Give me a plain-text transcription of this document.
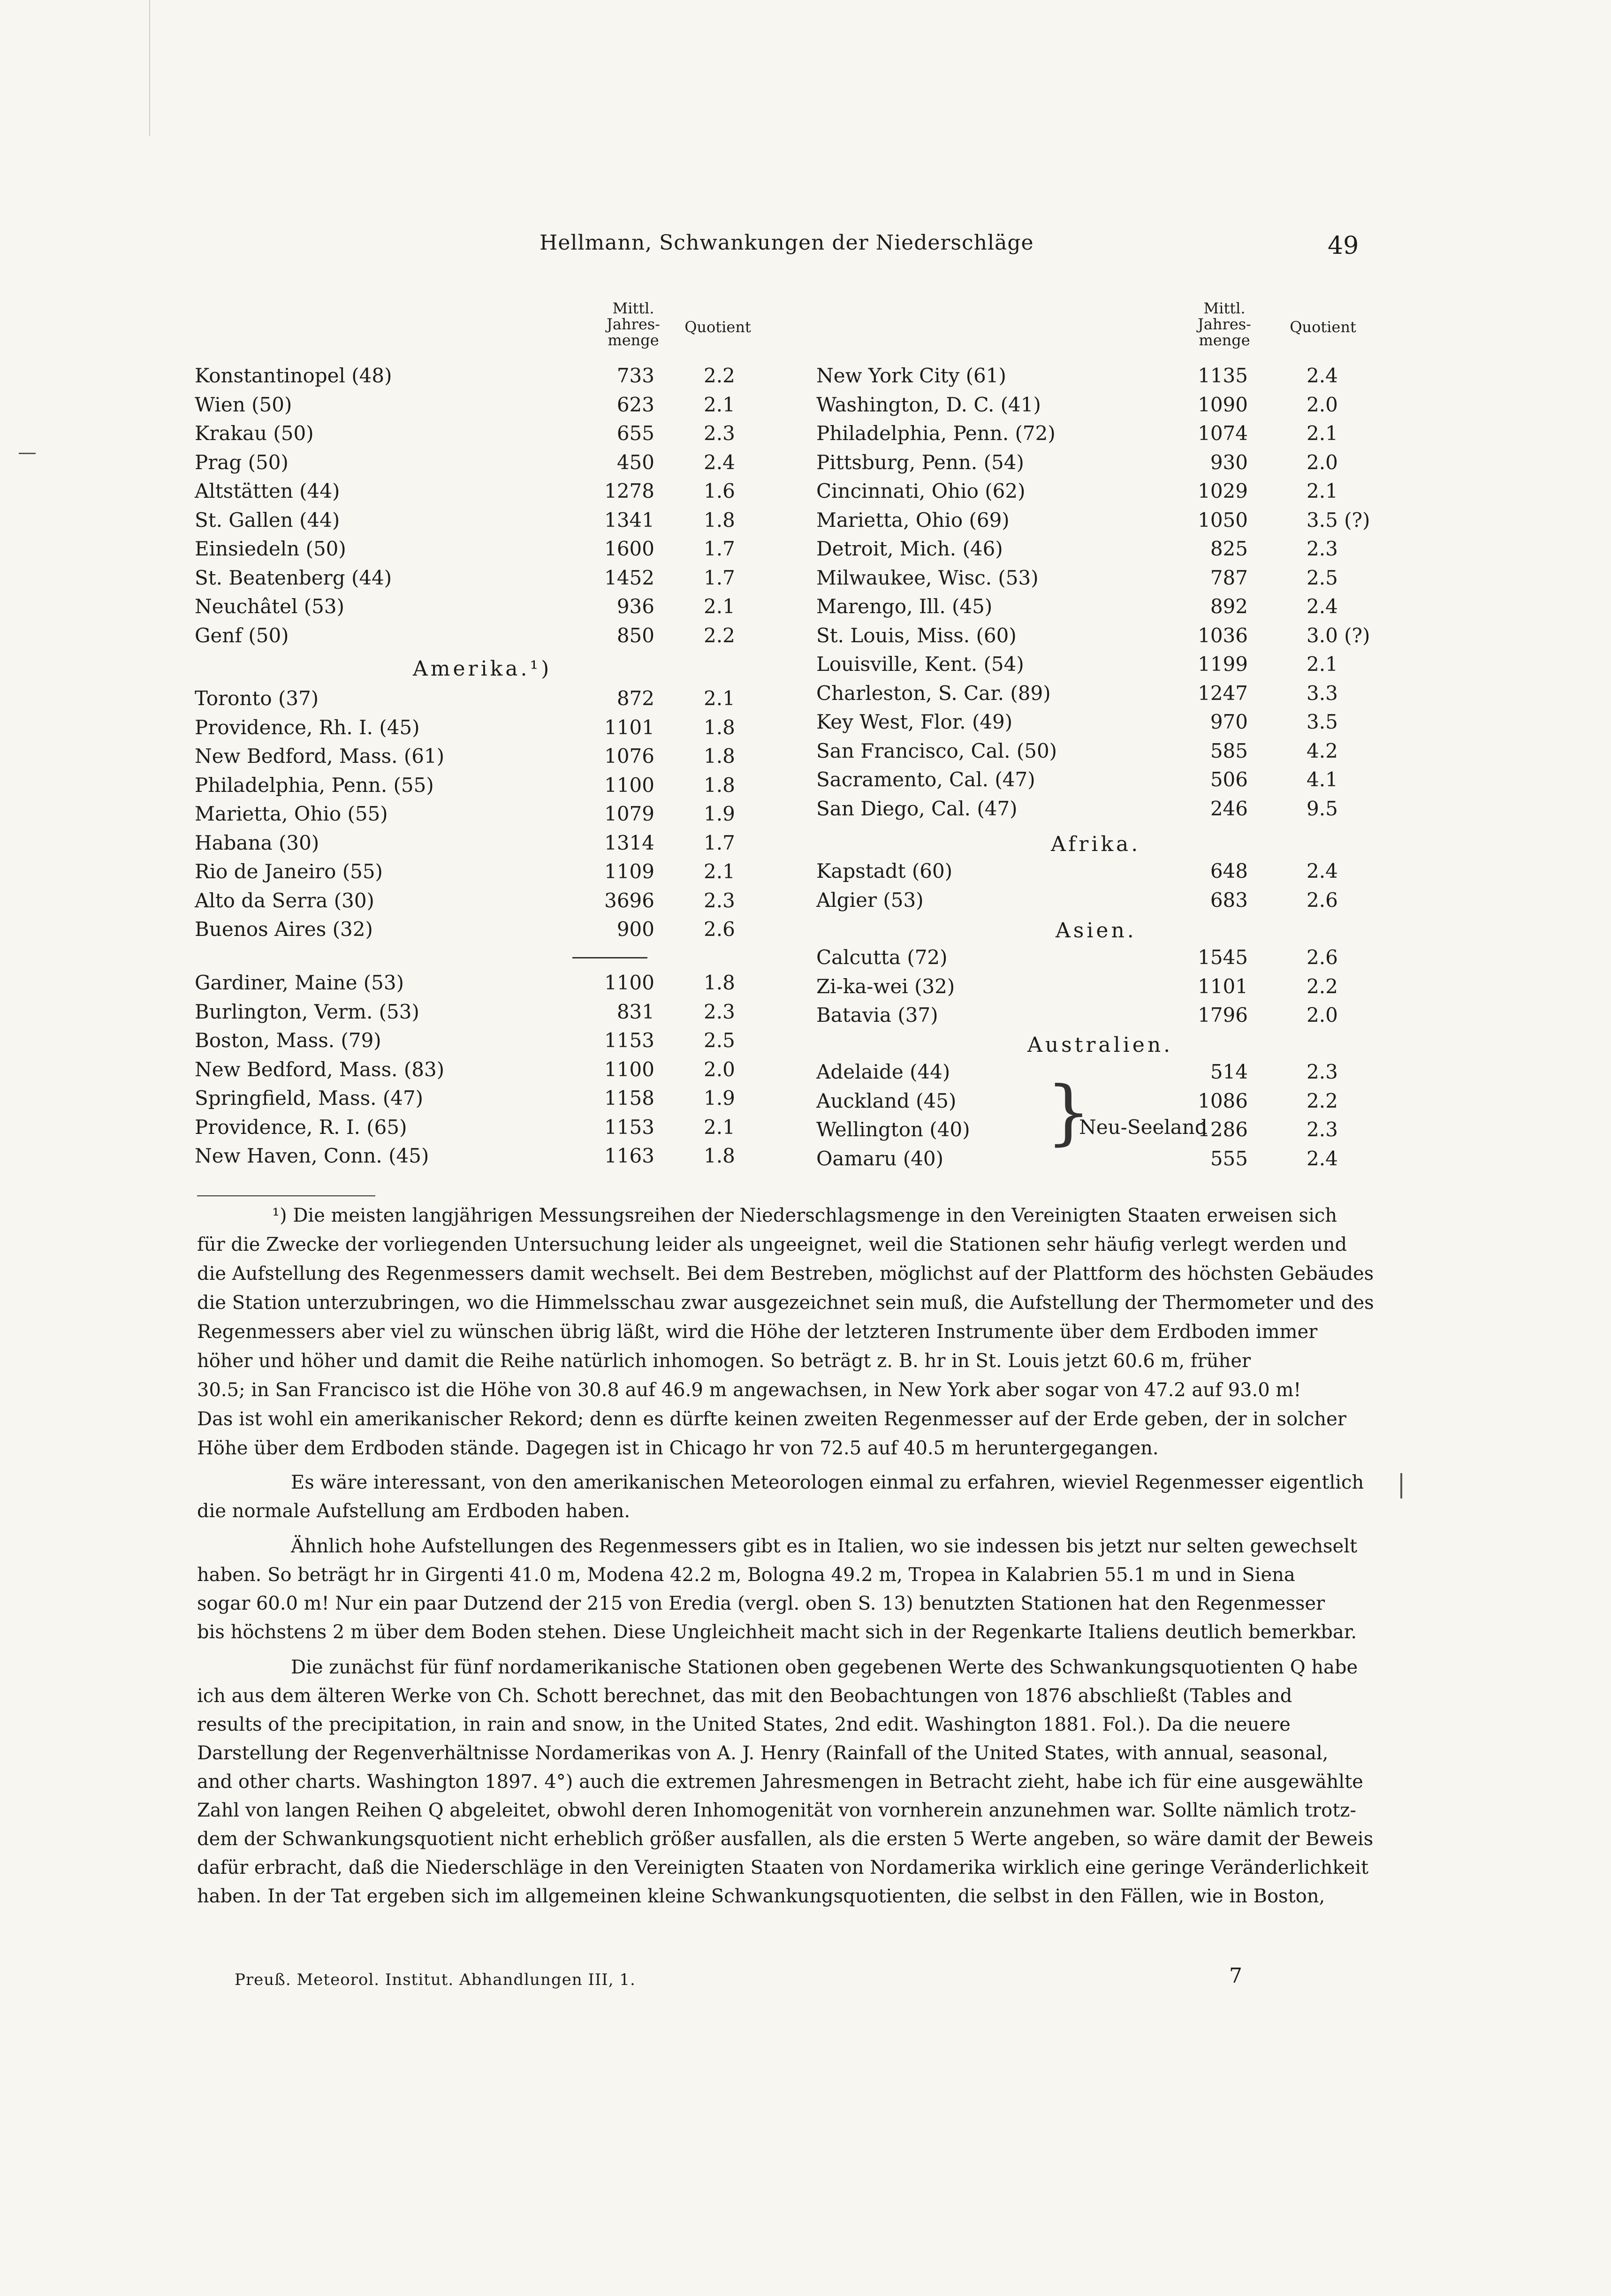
Hellmann, Schwankungen der Niederschläge	49
Mittl. Jahres- menge
Quotient
Mittl. Jahres- menge
Quotient
Konstantinopel (48)	733	2.2
Wien (50)	623	2.1
Krakau (50)	655	2.3
Prag (50)	450	2.4
Altstätten (44)	1278	1.6
St. Gallen (44)	1341	1.8
Einsiedeln (50)	1600	1.7
St. Beatenberg (44)	1452	1.7
Neuchâtel (53)	936	2.1
Genf (50)	850	2.2
Toronto (37)	872	2.1
Providence, Rh. I. (45)	1101	1.8
New Bedford, Mass. (61)	1076	1.8
Philadelphia, Penn. (55)	1100	1.8
Marietta, Ohio (55)	1079	1.9
Habana (30)	1314	1.7
Rio de Janeiro (55)	1109	2.1
Alto da Serra (30)	3696	2.3
Buenos Aires (32)	900	2.6
Gardiner, Maine (53)	1100	1.8
Burlington, Verm. (53)	831	2.3
Boston, Mass. (79)	1153	2.5
New Bedford, Mass. (83)	1100	2.0
Springfield, Mass. (47)	1158	1.9
Providence, R. I. (65)	1153	2.1
New Haven, Conn. (45)	1163	1.8
New York City (61)	1135	2.4
Washington, D. C. (41)	1090	2.0
Philadelphia, Penn. (72)	1074	2.1
Pittsburg, Penn. (54)	930	2.0
Cincinnati, Ohio (62)	1029	2.1
Marietta, Ohio (69)	1050	3.5 (?)
Detroit, Mich. (46)	825	2.3
Milwaukee, Wisc. (53)	787	2.5
Marengo, Ill. (45)	892	2.4
St. Louis, Miss. (60)	1036	3.0 (?)
Louisville, Kent. (54)	1199	2.1
Charleston, S. Car. (89)	1247	3.3
Key West, Flor. (49)	970	3.5
San Francisco, Cal. (50)	585	4.2
Sacramento, Cal. (47)	506	4.1
San Diego, Cal. (47)	246	9.5
Kapstadt (60)	648	2.4
Algier (53)	683	2.6
Calcutta (72)	1545	2.6
Zi-ka-wei (32)	1101	2.2
Batavia (37)	1796	2.0
Adelaide (44)	514	2.3
Auckland (45)	1086	2.2
Wellington (40)	1286	2.3
Oamaru (40)	555	2.4
Amerika.¹)
Afrika.
Asien.
Australien.
}
Neu-Seeland
¹) Die meisten langjährigen Messungsreihen der Niederschlagsmenge in den Vereinigten Staaten erweisen sich
für die Zwecke der vorliegenden Untersuchung leider als ungeeignet, weil die Stationen sehr häufig verlegt werden und
die Aufstellung des Regenmessers damit wechselt. Bei dem Bestreben, möglichst auf der Plattform des höchsten Gebäudes
die Station unterzubringen, wo die Himmelsschau zwar ausgezeichnet sein muß, die Aufstellung der Thermometer und des
Regenmessers aber viel zu wünschen übrig läßt, wird die Höhe der letzteren Instrumente über dem Erdboden immer
höher und höher und damit die Reihe natürlich inhomogen. So beträgt z. B. hr in St. Louis jetzt 60.6 m, früher
30.5; in San Francisco ist die Höhe von 30.8 auf 46.9 m angewachsen, in New York aber sogar von 47.2 auf 93.0 m!
Das ist wohl ein amerikanischer Rekord; denn es dürfte keinen zweiten Regenmesser auf der Erde geben, der in solcher
Höhe über dem Erdboden stände. Dagegen ist in Chicago hr von 72.5 auf 40.5 m heruntergegangen.
Es wäre interessant, von den amerikanischen Meteorologen einmal zu erfahren, wieviel Regenmesser eigentlich
die normale Aufstellung am Erdboden haben.
Ähnlich hohe Aufstellungen des Regenmessers gibt es in Italien, wo sie indessen bis jetzt nur selten gewechselt
haben. So beträgt hr in Girgenti 41.0 m, Modena 42.2 m, Bologna 49.2 m, Tropea in Kalabrien 55.1 m und in Siena
sogar 60.0 m! Nur ein paar Dutzend der 215 von Eredia (vergl. oben S. 13) benutzten Stationen hat den Regenmesser
bis höchstens 2 m über dem Boden stehen. Diese Ungleichheit macht sich in der Regenkarte Italiens deutlich bemerkbar.
Die zunächst für fünf nordamerikanische Stationen oben gegebenen Werte des Schwankungsquotienten Q habe
ich aus dem älteren Werke von Ch. Schott berechnet, das mit den Beobachtungen von 1876 abschließt (Tables and
results of the precipitation, in rain and snow, in the United States, 2nd edit. Washington 1881. Fol.). Da die neuere
Darstellung der Regenverhältnisse Nordamerikas von A. J. Henry (Rainfall of the United States, with annual, seasonal,
and other charts. Washington 1897. 4°) auch die extremen Jahresmengen in Betracht zieht, habe ich für eine ausgewählte
Zahl von langen Reihen Q abgeleitet, obwohl deren Inhomogenität von vornherein anzunehmen war. Sollte nämlich trotz-
dem der Schwankungsquotient nicht erheblich größer ausfallen, als die ersten 5 Werte angeben, so wäre damit der Beweis
dafür erbracht, daß die Niederschläge in den Vereinigten Staaten von Nordamerika wirklich eine geringe Veränderlichkeit
haben. In der Tat ergeben sich im allgemeinen kleine Schwankungsquotienten, die selbst in den Fällen, wie in Boston,
Preuß. Meteorol. Institut. Abhandlungen III, 1.	7
